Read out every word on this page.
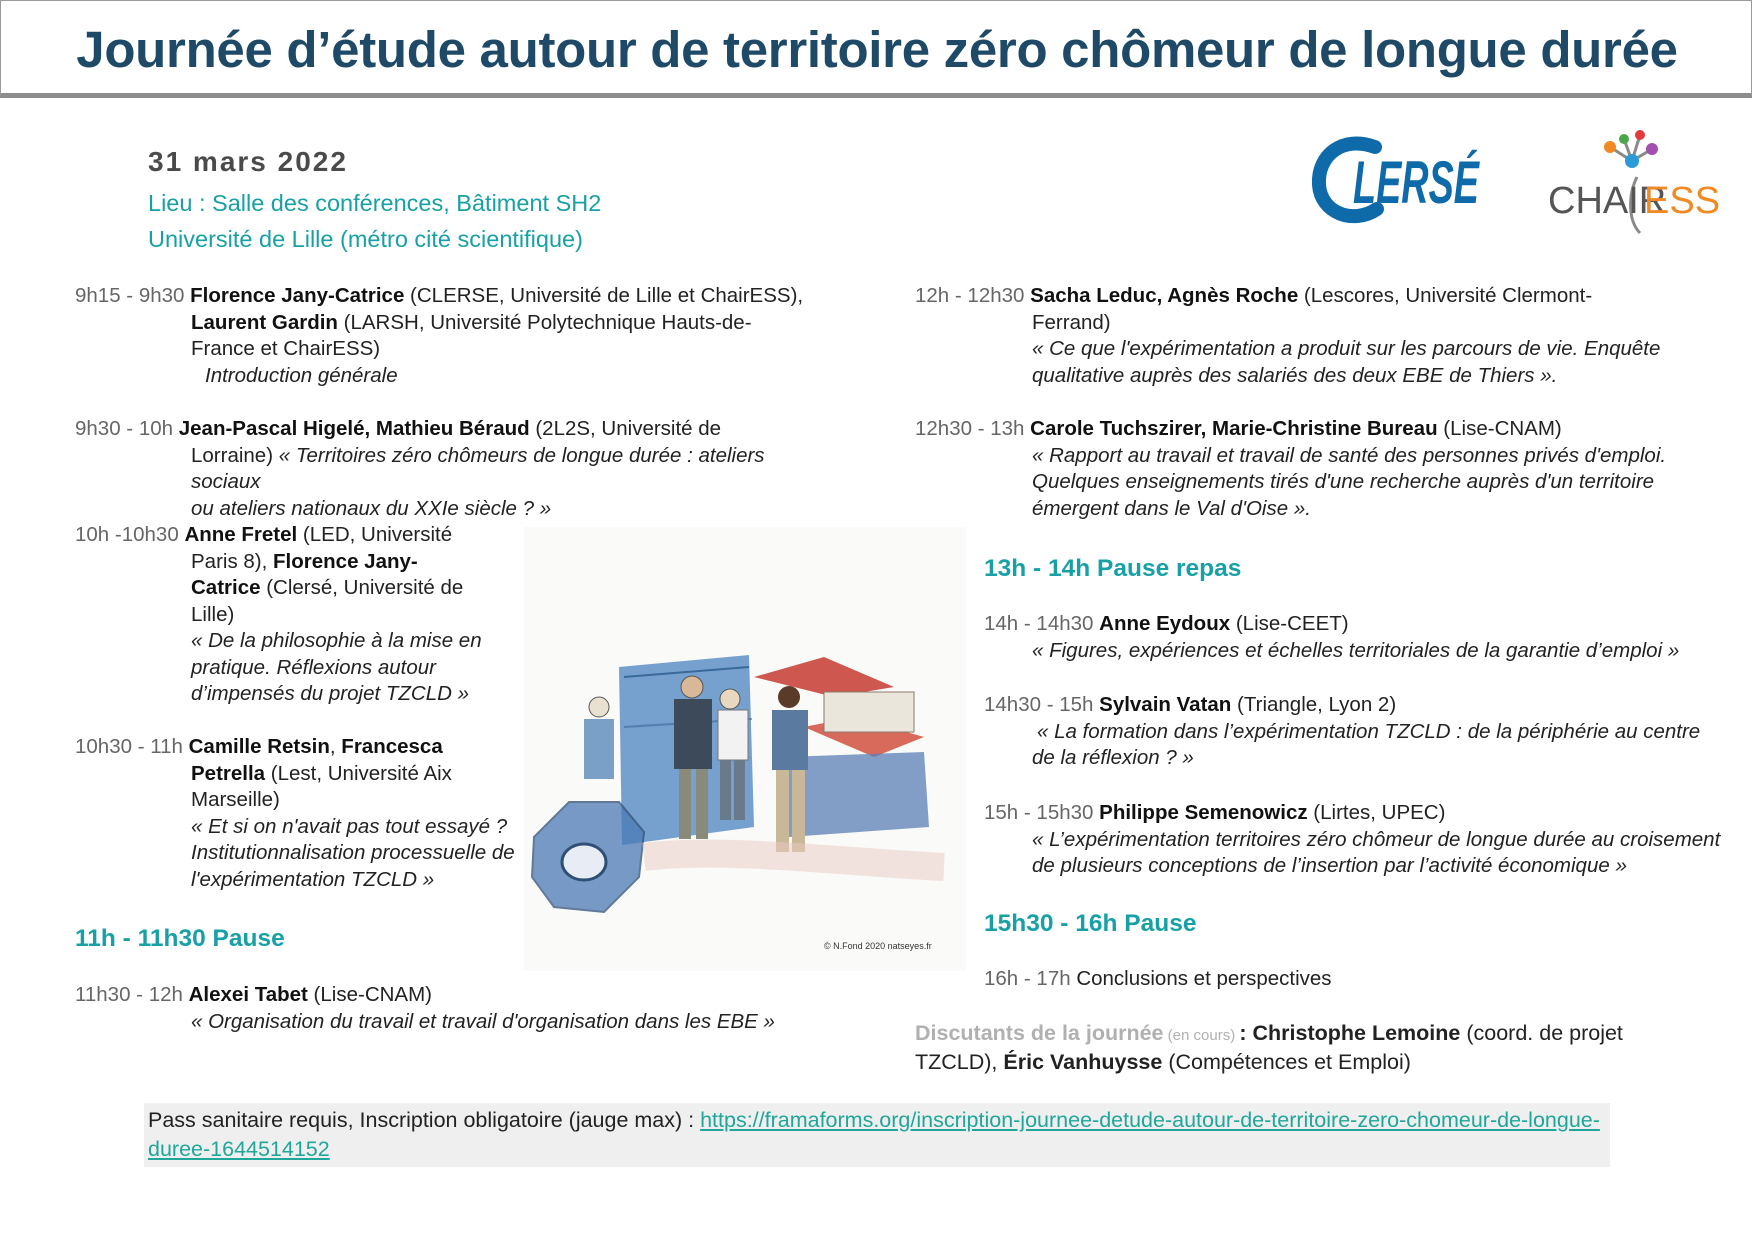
Journée d’étude autour de territoire zéro chômeur de longue durée
31 mars 2022
Lieu : Salle des conférences, Bâtiment SH2
Université de Lille (métro cité scientifique)
LERSÉ CHAIR
ESS
9h15 - 9h30 Florence Jany-Catrice (CLERSE, Université de Lille et ChairESS),
Laurent Gardin (LARSH, Université Polytechnique Hauts-de-
France et ChairESS)
Introduction générale
9h30 - 10h Jean-Pascal Higelé, Mathieu Béraud (2L2S, Université de
Lorraine) « Territoires zéro chômeurs de longue durée : ateliers sociaux
ou ateliers nationaux du XXIe siècle ? »
10h -10h30 Anne Fretel (LED, Université
Paris 8), Florence Jany-
Catrice (Clersé, Université de
Lille)
« De la philosophie à la mise en
pratique. Réflexions autour
d’impensés du projet TZCLD »
10h30 - 11h Camille Retsin, Francesca
Petrella (Lest, Université Aix
Marseille)
« Et si on n'avait pas tout essayé ?
Institutionnalisation processuelle de
l'expérimentation TZCLD »
11h - 11h30 Pause
11h30 - 12h Alexei Tabet (Lise-CNAM)
« Organisation du travail et travail d'organisation dans les EBE »
© N.Fond 2020 natseyes.fr
12h - 12h30 Sacha Leduc, Agnès Roche (Lescores, Université Clermont-
Ferrand)
« Ce que l'expérimentation a produit sur les parcours de vie. Enquête
qualitative auprès des salariés des deux EBE de Thiers ».
12h30 - 13h Carole Tuchszirer, Marie-Christine Bureau (Lise-CNAM)
« Rapport au travail et travail de santé des personnes privés d'emploi.
Quelques enseignements tirés d'une recherche auprès d'un territoire
émergent dans le Val d'Oise ».
13h - 14h Pause repas
14h - 14h30 Anne Eydoux (Lise-CEET)
« Figures, expériences et échelles territoriales de la garantie d’emploi »
14h30 - 15h Sylvain Vatan (Triangle, Lyon 2)
« La formation dans l’expérimentation TZCLD : de la périphérie au centre
de la réflexion ? »
15h - 15h30 Philippe Semenowicz (Lirtes, UPEC)
« L’expérimentation territoires zéro chômeur de longue durée au croisement
de plusieurs conceptions de l’insertion par l’activité économique »
15h30 - 16h Pause
16h - 17h Conclusions et perspectives
Discutants de la journée (en cours) : Christophe Lemoine (coord. de projet
TZCLD), Éric Vanhuysse (Compétences et Emploi)
Pass sanitaire requis, Inscription obligatoire (jauge max) : https://framaforms.org/inscription-journee-detude-autour-de-territoire-zero-chomeur-de-longue-duree-1644514152
